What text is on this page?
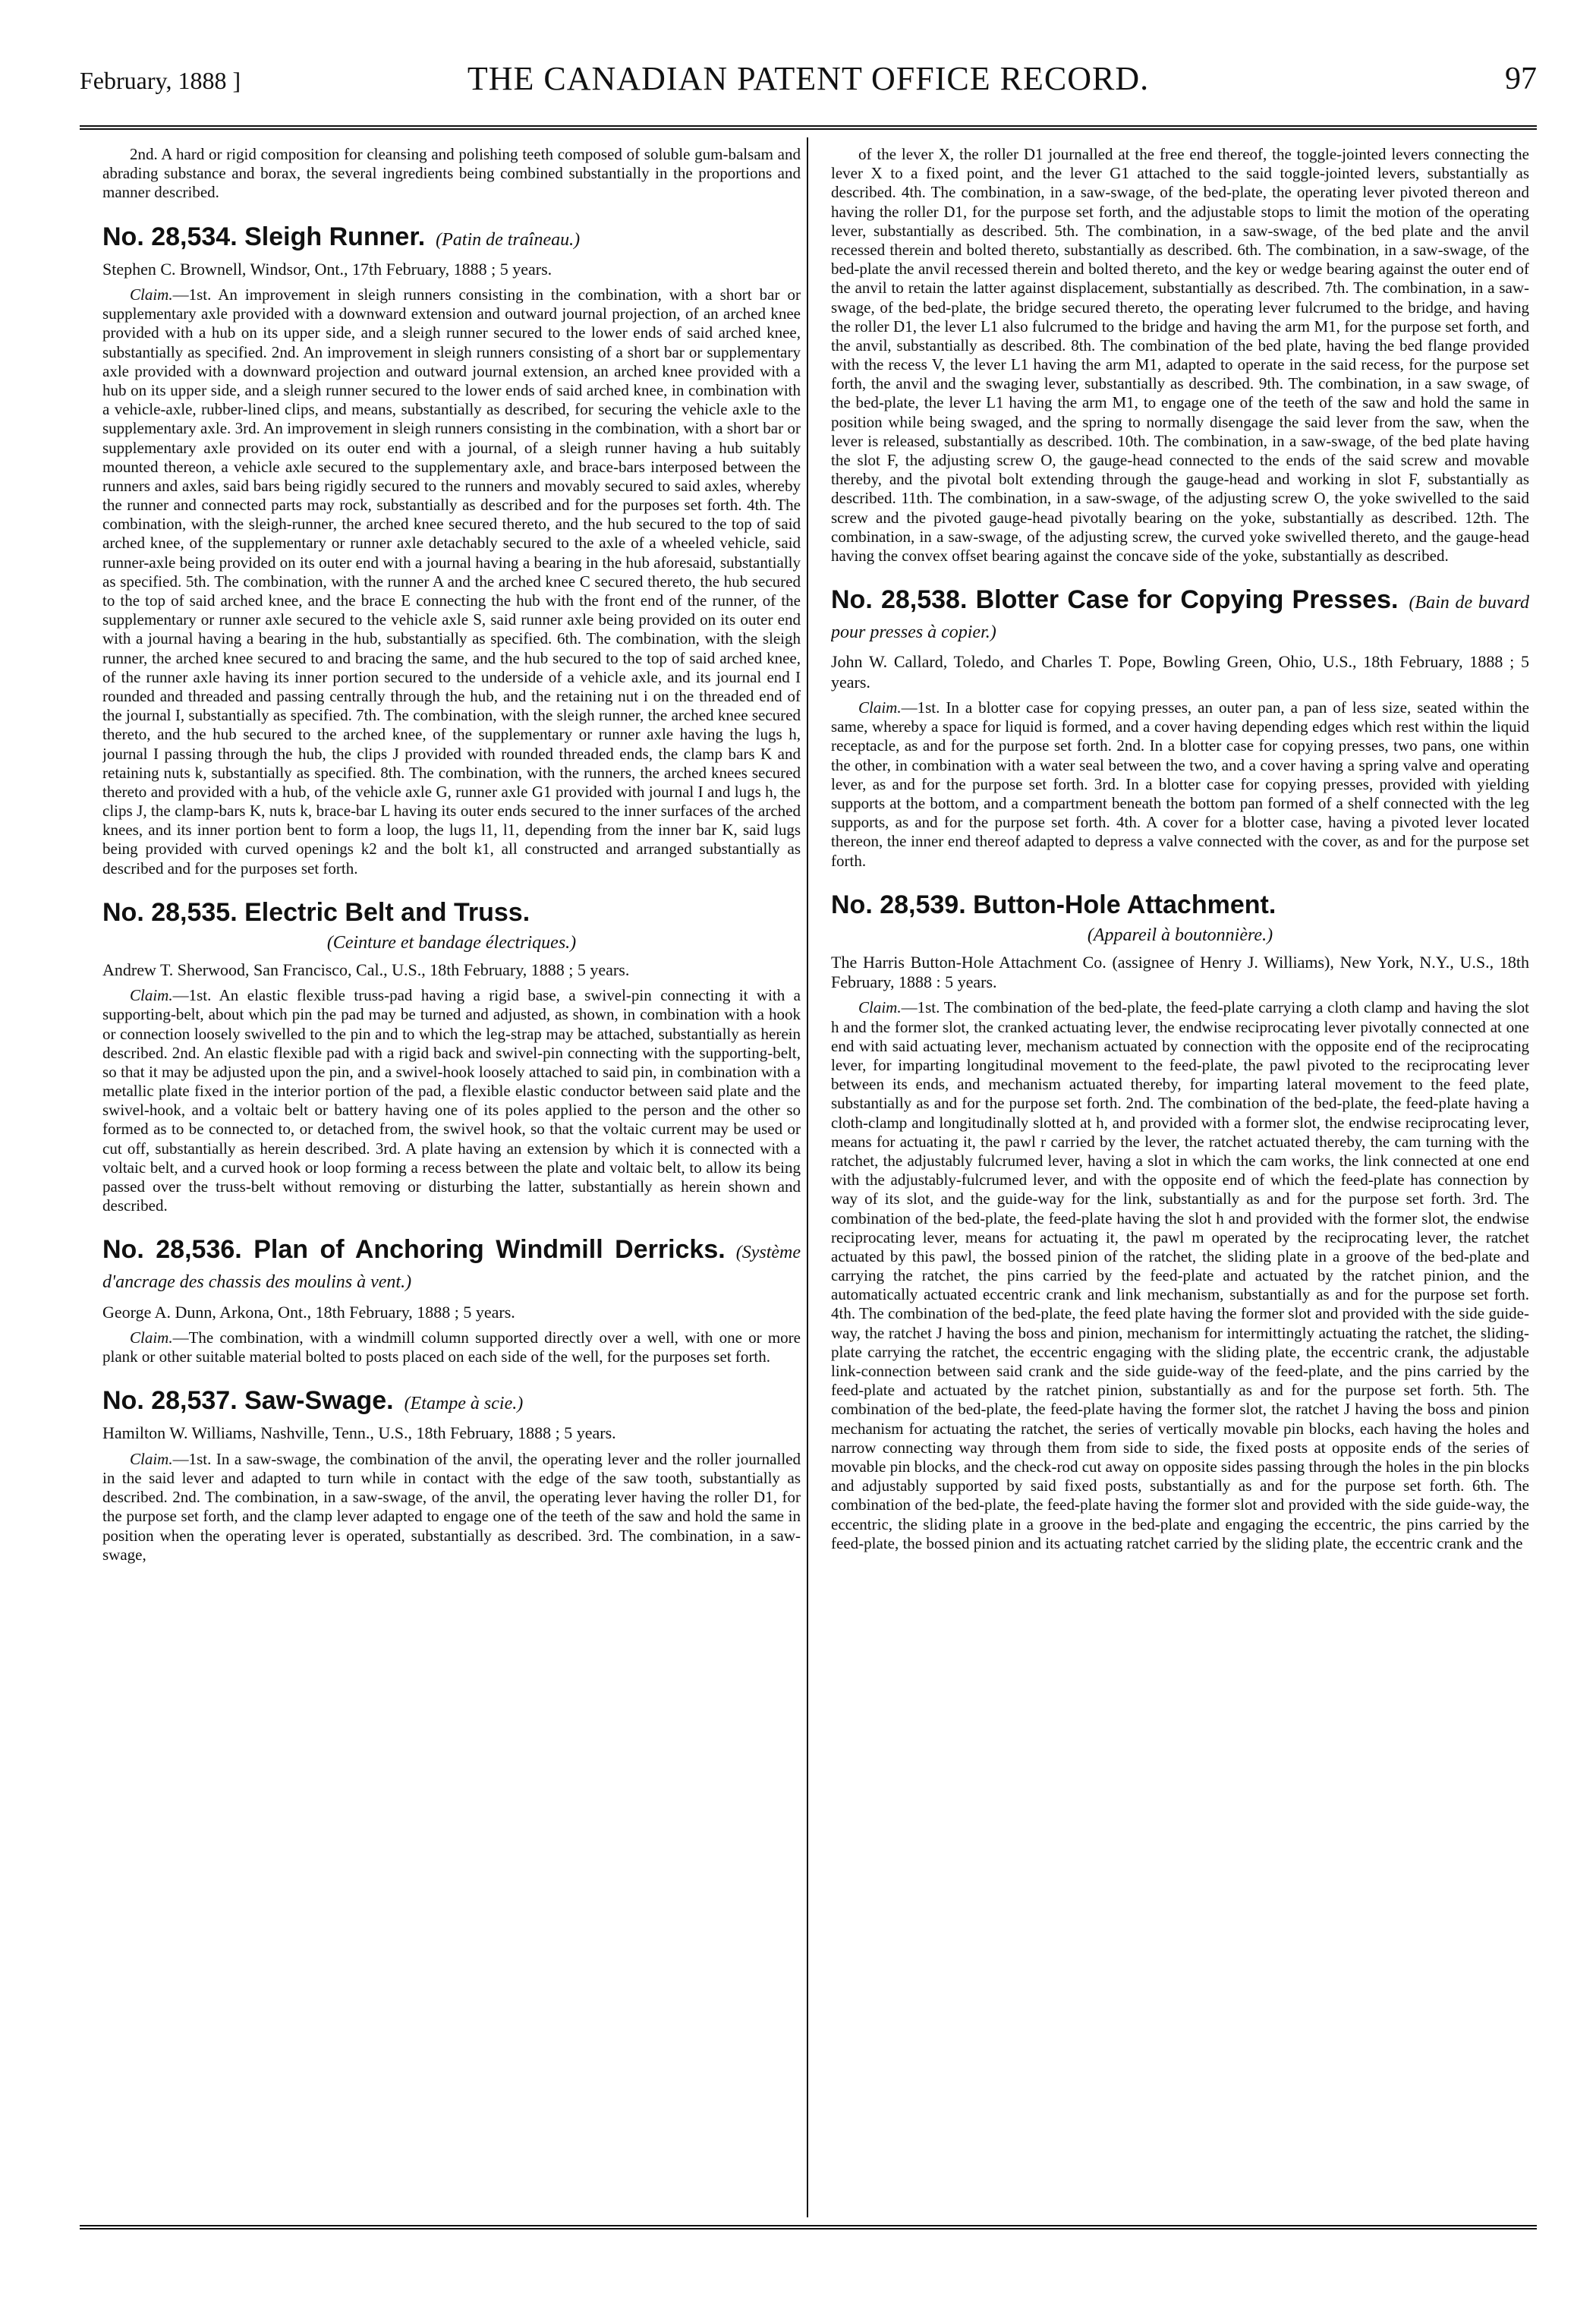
February, 1888 ]	THE CANADIAN PATENT OFFICE RECORD.	97

2nd. A hard or rigid composition for cleansing and polishing teeth composed of soluble gum-balsam and abrading substance and borax, the several ingredients being combined substantially in the proportions and manner described.

No. 28,534. Sleigh Runner. (Patin de traîneau.)

Stephen C. Brownell, Windsor, Ont., 17th February, 1888 ; 5 years.

Claim.—1st. An improvement in sleigh runners consisting in the combination, with a short bar or supplementary axle provided with a downward extension and outward journal projection, of an arched knee provided with a hub on its upper side, and a sleigh runner secured to the lower ends of said arched knee, substantially as specified. 2nd. An improvement in sleigh runners consisting of a short bar or supplementary axle provided with a downward projection and outward journal extension, an arched knee provided with a hub on its upper side, and a sleigh runner secured to the lower ends of said arched knee, in combination with a vehicle-axle, rubber-lined clips, and means, substantially as described, for securing the vehicle axle to the supplementary axle. 3rd. An improvement in sleigh runners consisting in the combination, with a short bar or supplementary axle provided on its outer end with a journal, of a sleigh runner having a hub suitably mounted thereon, a vehicle axle secured to the supplementary axle, and brace-bars interposed between the runners and axles, said bars being rigidly secured to the runners and movably secured to said axles, whereby the runner and connected parts may rock, substantially as described and for the purposes set forth. 4th. The combination, with the sleigh-runner, the arched knee secured thereto, and the hub secured to the top of said arched knee, of the supplementary or runner axle detachably secured to the axle of a wheeled vehicle, said runner-axle being provided on its outer end with a journal having a bearing in the hub aforesaid, substantially as specified. 5th. The combination, with the runner A and the arched knee C secured thereto, the hub secured to the top of said arched knee, and the brace E connecting the hub with the front end of the runner, of the supplementary or runner axle secured to the vehicle axle S, said runner axle being provided on its outer end with a journal having a bearing in the hub, substantially as specified. 6th. The combination, with the sleigh runner, the arched knee secured to and bracing the same, and the hub secured to the top of said arched knee, of the runner axle having its inner portion secured to the underside of a vehicle axle, and its journal end I rounded and threaded and passing centrally through the hub, and the retaining nut i on the threaded end of the journal I, substantially as specified. 7th. The combination, with the sleigh runner, the arched knee secured thereto, and the hub secured to the arched knee, of the supplementary or runner axle having the lugs h, journal I passing through the hub, the clips J provided with rounded threaded ends, the clamp bars K and retaining nuts k, substantially as specified. 8th. The combination, with the runners, the arched knees secured thereto and provided with a hub, of the vehicle axle G, runner axle G1 provided with journal I and lugs h, the clips J, the clamp-bars K, nuts k, brace-bar L having its outer ends secured to the inner surfaces of the arched knees, and its inner portion bent to form a loop, the lugs l1, l1, depending from the inner bar K, said lugs being provided with curved openings k2 and the bolt k1, all constructed and arranged substantially as described and for the purposes set forth.

No. 28,535. Electric Belt and Truss.
(Ceinture et bandage électriques.)

Andrew T. Sherwood, San Francisco, Cal., U.S., 18th February, 1888 ; 5 years.

Claim.—1st. An elastic flexible truss-pad having a rigid base, a swivel-pin connecting it with a supporting-belt, about which pin the pad may be turned and adjusted, as shown, in combination with a hook or connection loosely swivelled to the pin and to which the leg-strap may be attached, substantially as herein described. 2nd. An elastic flexible pad with a rigid back and swivel-pin connecting with the supporting-belt, so that it may be adjusted upon the pin, and a swivel-hook loosely attached to said pin, in combination with a metallic plate fixed in the interior portion of the pad, a flexible elastic conductor between said plate and the swivel-hook, and a voltaic belt or battery having one of its poles applied to the person and the other so formed as to be connected to, or detached from, the swivel hook, so that the voltaic current may be used or cut off, substantially as herein described. 3rd. A plate having an extension by which it is connected with a voltaic belt, and a curved hook or loop forming a recess between the plate and voltaic belt, to allow its being passed over the truss-belt without removing or disturbing the latter, substantially as herein shown and described.

No. 28,536. Plan of Anchoring Windmill Derricks. (Système d'ancrage des chassis des moulins à vent.)

George A. Dunn, Arkona, Ont., 18th February, 1888 ; 5 years.

Claim.—The combination, with a windmill column supported directly over a well, with one or more plank or other suitable material bolted to posts placed on each side of the well, for the purposes set forth.

No. 28,537. Saw-Swage. (Etampe à scie.)

Hamilton W. Williams, Nashville, Tenn., U.S., 18th February, 1888 ; 5 years.

Claim.—1st. In a saw-swage, the combination of the anvil, the operating lever and the roller journalled in the said lever and adapted to turn while in contact with the edge of the saw tooth, substantially as described. 2nd. The combination, in a saw-swage, of the anvil, the operating lever having the roller D1, for the purpose set forth, and the clamp lever adapted to engage one of the teeth of the saw and hold the same in position when the operating lever is operated, substantially as described. 3rd. The combination, in a saw-swage,

of the lever X, the roller D1 journalled at the free end thereof, the toggle-jointed levers connecting the lever X to a fixed point, and the lever G1 attached to the said toggle-jointed levers, substantially as described. 4th. The combination, in a saw-swage, of the bed-plate, the operating lever pivoted thereon and having the roller D1, for the purpose set forth, and the adjustable stops to limit the motion of the operating lever, substantially as described. 5th. The combination, in a saw-swage, of the bed plate and the anvil recessed therein and bolted thereto, substantially as described. 6th. The combination, in a saw-swage, of the bed-plate the anvil recessed therein and bolted thereto, and the key or wedge bearing against the outer end of the anvil to retain the latter against displacement, substantially as described. 7th. The combination, in a saw-swage, of the bed-plate, the bridge secured thereto, the operating lever fulcrumed to the bridge, and having the roller D1, the lever L1 also fulcrumed to the bridge and having the arm M1, for the purpose set forth, and the anvil, substantially as described. 8th. The combination of the bed plate, having the bed flange provided with the recess V, the lever L1 having the arm M1, adapted to operate in the said recess, for the purpose set forth, the anvil and the swaging lever, substantially as described. 9th. The combination, in a saw swage, of the bed-plate, the lever L1 having the arm M1, to engage one of the teeth of the saw and hold the same in position while being swaged, and the spring to normally disengage the said lever from the saw, when the lever is released, substantially as described. 10th. The combination, in a saw-swage, of the bed plate having the slot F, the adjusting screw O, the gauge-head connected to the ends of the said screw and movable thereby, and the pivotal bolt extending through the gauge-head and working in slot F, substantially as described. 11th. The combination, in a saw-swage, of the adjusting screw O, the yoke swivelled to the said screw and the pivoted gauge-head pivotally bearing on the yoke, substantially as described. 12th. The combination, in a saw-swage, of the adjusting screw, the curved yoke swivelled thereto, and the gauge-head having the convex offset bearing against the concave side of the yoke, substantially as described.

No. 28,538. Blotter Case for Copying Presses. (Bain de buvard pour presses à copier.)

John W. Callard, Toledo, and Charles T. Pope, Bowling Green, Ohio, U.S., 18th February, 1888 ; 5 years.

Claim.—1st. In a blotter case for copying presses, an outer pan, a pan of less size, seated within the same, whereby a space for liquid is formed, and a cover having depending edges which rest within the liquid receptacle, as and for the purpose set forth. 2nd. In a blotter case for copying presses, two pans, one within the other, in combination with a water seal between the two, and a cover having a spring valve and operating lever, as and for the purpose set forth. 3rd. In a blotter case for copying presses, provided with yielding supports at the bottom, and a compartment beneath the bottom pan formed of a shelf connected with the leg supports, as and for the purpose set forth. 4th. A cover for a blotter case, having a pivoted lever located thereon, the inner end thereof adapted to depress a valve connected with the cover, as and for the purpose set forth.

No. 28,539. Button-Hole Attachment.
(Appareil à boutonnière.)

The Harris Button-Hole Attachment Co. (assignee of Henry J. Williams), New York, N.Y., U.S., 18th February, 1888 : 5 years.

Claim.—1st. The combination of the bed-plate, the feed-plate carrying a cloth clamp and having the slot h and the former slot, the cranked actuating lever, the endwise reciprocating lever pivotally connected at one end with said actuating lever, mechanism actuated by connection with the opposite end of the reciprocating lever, for imparting longitudinal movement to the feed-plate, the pawl pivoted to the reciprocating lever between its ends, and mechanism actuated thereby, for imparting lateral movement to the feed plate, substantially as and for the purpose set forth. 2nd. The combination of the bed-plate, the feed-plate having a cloth-clamp and longitudinally slotted at h, and provided with a former slot, the endwise reciprocating lever, means for actuating it, the pawl r carried by the lever, the ratchet actuated thereby, the cam turning with the ratchet, the adjustably fulcrumed lever, having a slot in which the cam works, the link connected at one end with the adjustably-fulcrumed lever, and with the opposite end of which the feed-plate has connection by way of its slot, and the guide-way for the link, substantially as and for the purpose set forth. 3rd. The combination of the bed-plate, the feed-plate having the slot h and provided with the former slot, the endwise reciprocating lever, means for actuating it, the pawl m operated by the reciprocating lever, the ratchet actuated by this pawl, the bossed pinion of the ratchet, the sliding plate in a groove of the bed-plate and carrying the ratchet, the pins carried by the feed-plate and actuated by the ratchet pinion, and the automatically actuated eccentric crank and link mechanism, substantially as and for the purpose set forth. 4th. The combination of the bed-plate, the feed plate having the former slot and provided with the side guide-way, the ratchet J having the boss and pinion, mechanism for intermittingly actuating the ratchet, the sliding-plate carrying the ratchet, the eccentric engaging with the sliding plate, the eccentric crank, the adjustable link-connection between said crank and the side guide-way of the feed-plate, and the pins carried by the feed-plate and actuated by the ratchet pinion, substantially as and for the purpose set forth. 5th. The combination of the bed-plate, the feed-plate having the former slot, the ratchet J having the boss and pinion mechanism for actuating the ratchet, the series of vertically movable pin blocks, each having the holes and narrow connecting way through them from side to side, the fixed posts at opposite ends of the series of movable pin blocks, and the check-rod cut away on opposite sides passing through the holes in the pin blocks and adjustably supported by said fixed posts, substantially as and for the purpose set forth. 6th. The combination of the bed-plate, the feed-plate having the former slot and provided with the side guide-way, the eccentric, the sliding plate in a groove in the bed-plate and engaging the eccentric, the pins carried by the feed-plate, the bossed pinion and its actuating ratchet carried by the sliding plate, the eccentric crank and the
